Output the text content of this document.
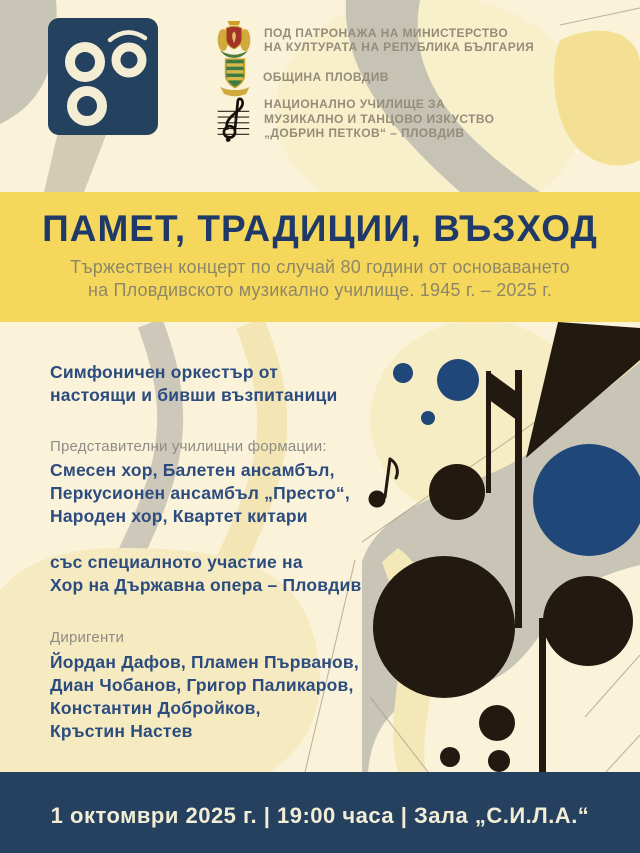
ПОД ПАТРОНАЖА НА МИНИСТЕРСТВО
НА КУЛТУРАТА НА РЕПУБЛИКА БЪЛГАРИЯ
ОБЩИНА ПЛОВДИВ
НАЦИОНАЛНО УЧИЛИЩЕ ЗА
МУЗИКАЛНО И ТАНЦОВО ИЗКУСТВО
„ДОБРИН ПЕТКОВ“ – ПЛОВДИВ
ПАМЕТ, ТРАДИЦИИ, ВЪЗХОД
Тържествен концерт по случай 80 години от основаването
на Пловдивското музикално училище. 1945 г. – 2025 г.
Симфоничен оркестър от
настоящи и бивши възпитаници
Представителни училищни формации:
Смесен хор, Балетен ансамбъл,
Перкусионен ансамбъл „Престо“,
Народен хор, Квартет китари
със специалното участие на
Хор на Държавна опера – Пловдив
Диригенти
Йордан Дафов, Пламен Първанов,
Диан Чобанов, Григор Паликаров,
Константин Добройков,
Кръстин Настев
1 октомври 2025 г. | 19:00 часа | Зала „С.И.Л.А.“
